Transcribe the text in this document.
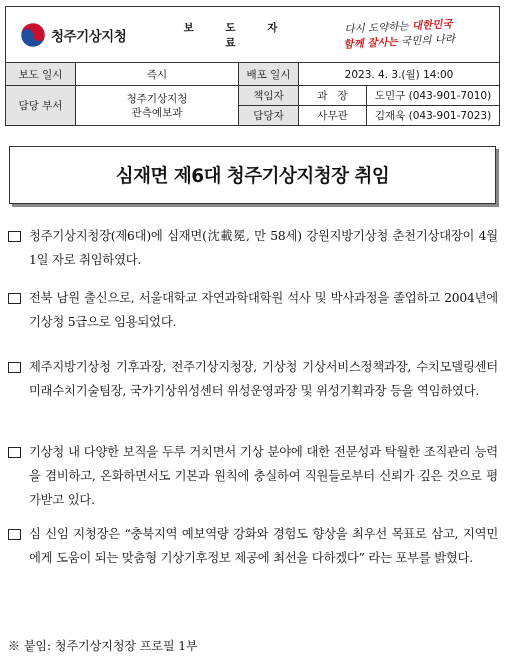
청주기상지청		보 도 자 료		다시 도약하는 대한민국
함께 잘사는 국민의 나라	
보도 일시	즉시		배포 일시	2023. 4. 3.(월) 14:00	
담당 부서	청주기상지청
관측예보과		책임자	과   장	도민구 (043-901-7010)
			담당자	사무관	김재욱 (043-901-7023)
심재면 제6대 청주기상지청장 취임
청주기상지청장(제6대)에 심재면(沈載冕, 만 58세) 강원지방기상청 춘천기상대장이 4월 1일 자로 취임하였다.
전북 남원 출신으로, 서울대학교 자연과학대학원 석사 및 박사과정을 졸업하고 2004년에 기상청 5급으로 임용되었다.
제주지방기상청 기후과장, 전주기상지청장, 기상청 기상서비스정책과장, 수치모델링센터 미래수치기술팀장, 국가기상위성센터 위성운영과장 및 위성기획과장 등을 역임하였다.
기상청 내 다양한 보직을 두루 거치면서 기상 분야에 대한 전문성과 탁월한 조직관리 능력을 겸비하고, 온화하면서도 기본과 원칙에 충실하여 직원들로부터 신뢰가 깊은 것으로 평가받고 있다.
심 신임 지청장은 “충북지역 예보역량 강화와 경험도 향상을 최우선 목표로 삼고, 지역민에게 도움이 되는 맞춤형 기상기후정보 제공에 최선을 다하겠다” 라는 포부를 밝혔다.
※ 붙임: 청주기상지청장 프로필 1부
